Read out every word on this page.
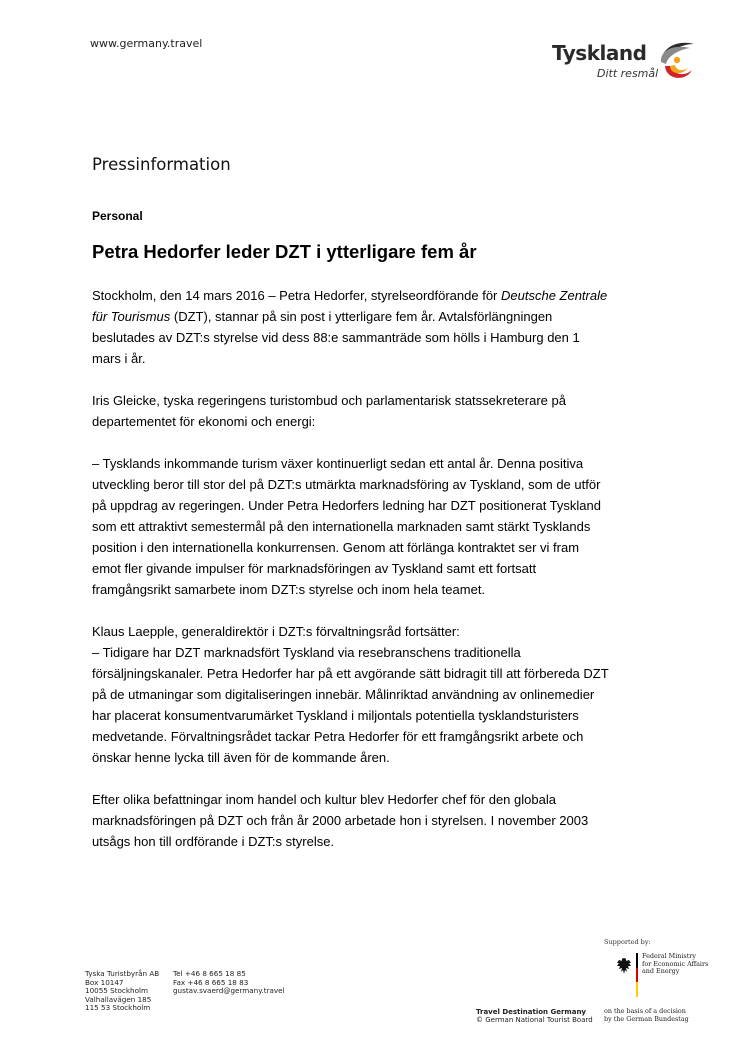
www.germany.travel	Tyskland
Ditt resmål
Pressinformation
Personal
Petra Hedorfer leder DZT i ytterligare fem år

Stockholm, den 14 mars 2016 – Petra Hedorfer, styrelseordförande för Deutsche Zentrale
für Tourismus (DZT), stannar på sin post i ytterligare fem år. Avtalsförlängningen
beslutades av DZT:s styrelse vid dess 88:e sammanträde som hölls i Hamburg den 1
mars i år.

Iris Gleicke, tyska regeringens turistombud och parlamentarisk statssekreterare på
departementet för ekonomi och energi:

– Tysklands inkommande turism växer kontinuerligt sedan ett antal år. Denna positiva
utveckling beror till stor del på DZT:s utmärkta marknadsföring av Tyskland, som de utför
på uppdrag av regeringen. Under Petra Hedorfers ledning har DZT positionerat Tyskland
som ett attraktivt semestermål på den internationella marknaden samt stärkt Tysklands
position i den internationella konkurrensen. Genom att förlänga kontraktet ser vi fram
emot fler givande impulser för marknadsföringen av Tyskland samt ett fortsatt
framgångsrikt samarbete inom DZT:s styrelse och inom hela teamet.

Klaus Laepple, generaldirektör i DZT:s förvaltningsråd fortsätter:
– Tidigare har DZT marknadsfört Tyskland via resebranschens traditionella
försäljningskanaler. Petra Hedorfer har på ett avgörande sätt bidragit till att förbereda DZT
på de utmaningar som digitaliseringen innebär. Målinriktad användning av onlinemedier
har placerat konsumentvarumärket Tyskland i miljontals potentiella tysklandsturisters
medvetande. Förvaltningsrådet tackar Petra Hedorfer för ett framgångsrikt arbete och
önskar henne lycka till även för de kommande åren.

Efter olika befattningar inom handel och kultur blev Hedorfer chef för den globala
marknadsföringen på DZT och från år 2000 arbetade hon i styrelsen. I november 2003
utsågs hon till ordförande i DZT:s styrelse.

Tyska Turistbyrån AB
Box 10147
10055 Stockholm
Valhallavägen 185
115 53 Stockholm
Tel +46 8 665 18 85
Fax +46 8 665 18 83
gustav.svaerd@germany.travel
Travel Destination Germany
© German National Tourist Board
Supported by:
Federal Ministry
for Economic Affairs
and Energy
on the basis of a decision
by the German Bundestag
